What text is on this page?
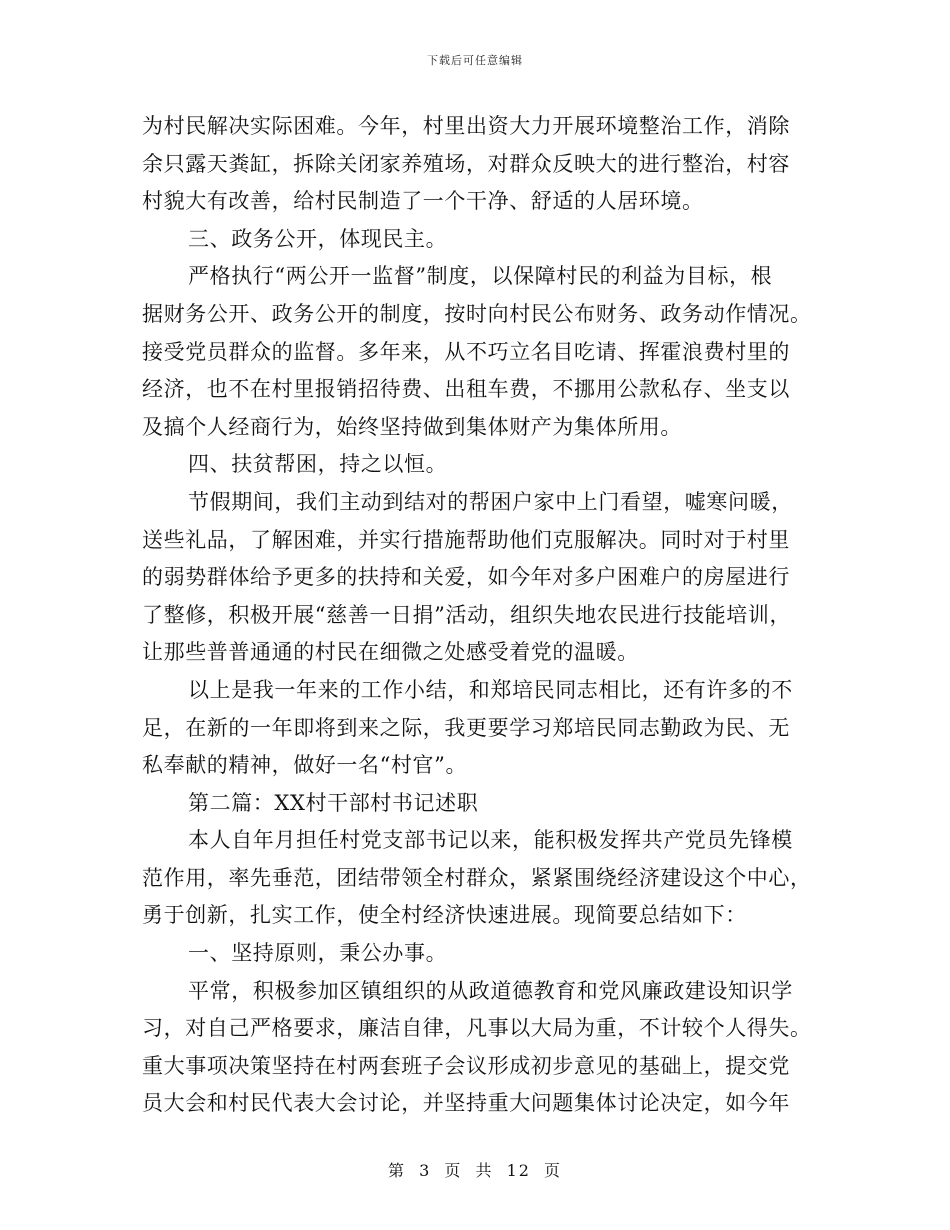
下载后可任意编辑
为村民解决实际困难。今年，村里出资大力开展环境整治工作，消除
余只露天粪缸，拆除关闭家养殖场，对群众反映大的进行整治，村容
村貌大有改善，给村民制造了一个干净、舒适的人居环境。
三、政务公开，体现民主。
严格执行“两公开一监督”制度，以保障村民的利益为目标，根
据财务公开、政务公开的制度，按时向村民公布财务、政务动作情况。
接受党员群众的监督。多年来，从不巧立名目吃请、挥霍浪费村里的
经济，也不在村里报销招待费、出租车费，不挪用公款私存、坐支以
及搞个人经商行为，始终坚持做到集体财产为集体所用。
四、扶贫帮困，持之以恒。
节假期间，我们主动到结对的帮困户家中上门看望，嘘寒问暖，
送些礼品，了解困难，并实行措施帮助他们克服解决。同时对于村里
的弱势群体给予更多的扶持和关爱，如今年对多户困难户的房屋进行
了整修，积极开展“慈善一日捐”活动，组织失地农民进行技能培训，
让那些普普通通的村民在细微之处感受着党的温暖。
以上是我一年来的工作小结，和郑培民同志相比，还有许多的不
足，在新的一年即将到来之际，我更要学习郑培民同志勤政为民、无
私奉献的精神，做好一名“村官”。
第二篇：XX村干部村书记述职
本人自年月担任村党支部书记以来，能积极发挥共产党员先锋模
范作用，率先垂范，团结带领全村群众，紧紧围绕经济建设这个中心，
勇于创新，扎实工作，使全村经济快速进展。现简要总结如下：
一、坚持原则，秉公办事。
平常，积极参加区镇组织的从政道德教育和党风廉政建设知识学
习，对自己严格要求，廉洁自律，凡事以大局为重，不计较个人得失。
重大事项决策坚持在村两套班子会议形成初步意见的基础上，提交党
员大会和村民代表大会讨论，并坚持重大问题集体讨论决定，如今年
第 3 页 共 12 页
